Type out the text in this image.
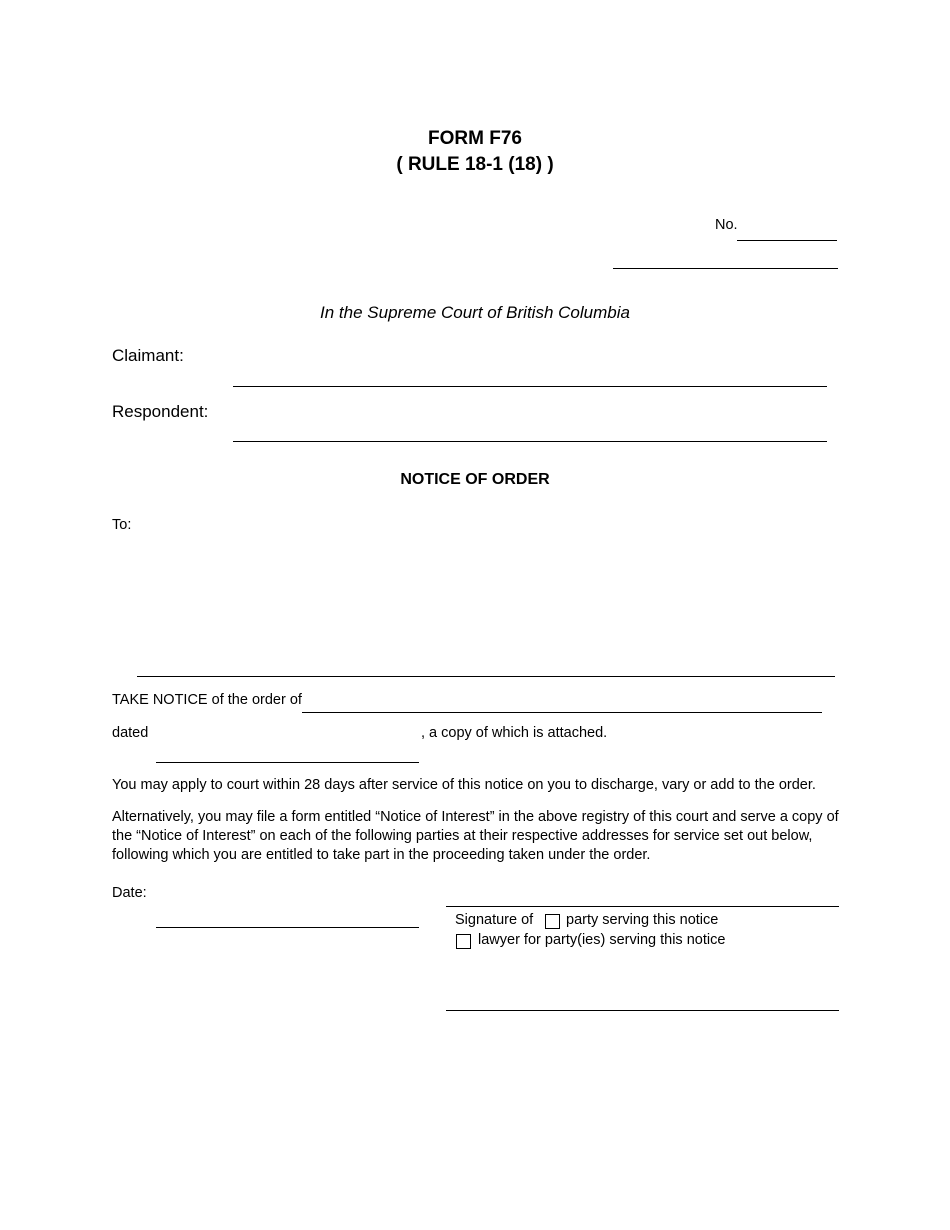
FORM F76
( RULE 18-1 (18) )
No.
In the Supreme Court of British Columbia
Claimant:
Respondent:
NOTICE OF ORDER
To:
TAKE NOTICE of the order of
dated	, a copy of which is attached.
You may apply to court within 28 days after service of this notice on you to discharge, vary or add to the order.
Alternatively, you may file a form entitled “Notice of Interest” in the above registry of this court and serve a copy of the “Notice of Interest” on each of the following parties at their respective addresses for service set out below, following which you are entitled to take part in the proceeding taken under the order.
Date:
Signature of party serving this notice
lawyer for party(ies) serving this notice
